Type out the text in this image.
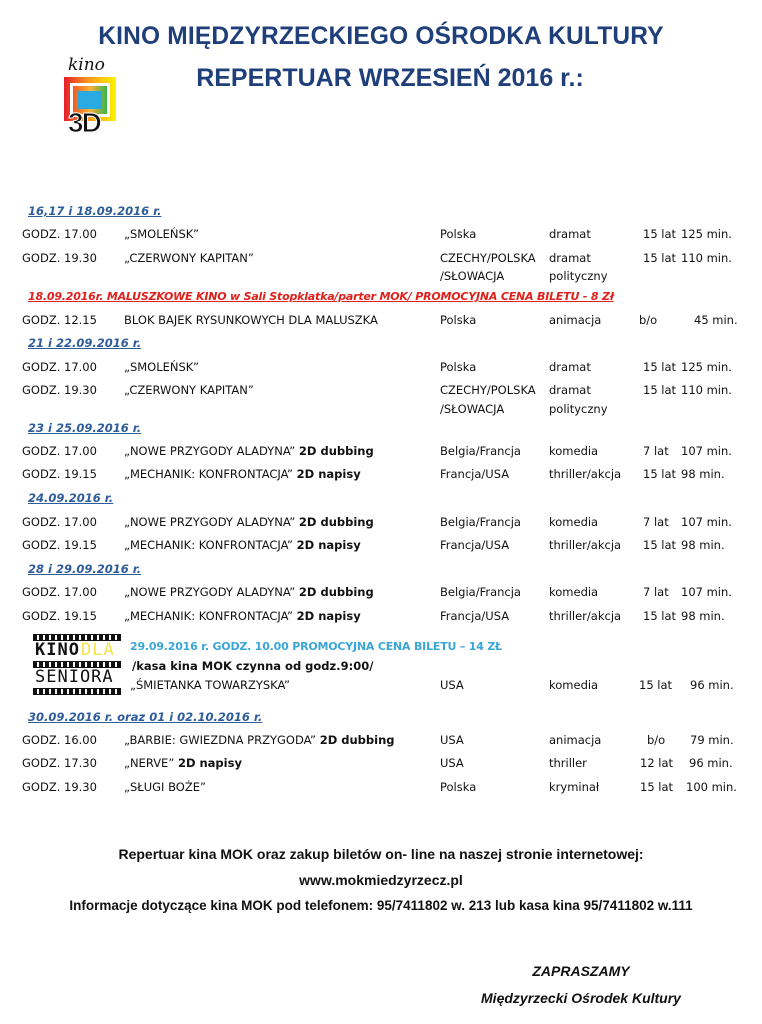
KINO MIĘDZYRZECKIEGO OŚRODKA KULTURY
REPERTUAR WRZESIEŃ 2016 r.:
kino
3D
16,17 i 18.09.2016 r.
GODZ. 17.00 „SMOLEŃSK”	Polska	dramat	15 lat 125 min.
GODZ. 19.30 „CZERWONY KAPITAN”	CZECHY/POLSKA dramat	15 lat 110 min.
/SŁOWACJA	polityczny
18.09.2016r. MALUSZKOWE KINO w Sali Stopklatka/parter MOK/ PROMOCYJNA CENA BILETU - 8 Zł
GODZ. 12.15 BLOK BAJEK RYSUNKOWYCH DLA MALUSZKA	Polska	animacja	b/o	45 min.
21 i 22.09.2016 r.
GODZ. 17.00 „SMOLEŃSK”	Polska	dramat	15 lat 125 min.
GODZ. 19.30 „CZERWONY KAPITAN”	CZECHY/POLSKA dramat	15 lat 110 min.
/SŁOWACJA	polityczny
23 i 25.09.2016 r.
GODZ. 17.00 „NOWE PRZYGODY ALADYNA” 2D dubbing	Belgia/Francja komedia	7 lat 107 min.
GODZ. 19.15 „MECHANIK: KONFRONTACJA” 2D napisy	Francja/USA	thriller/akcja 15 lat 98 min.
24.09.2016 r.
GODZ. 17.00 „NOWE PRZYGODY ALADYNA” 2D dubbing	Belgia/Francja komedia	7 lat 107 min.
GODZ. 19.15 „MECHANIK: KONFRONTACJA” 2D napisy	Francja/USA	thriller/akcja 15 lat 98 min.
28 i 29.09.2016 r.
GODZ. 17.00 „NOWE PRZYGODY ALADYNA” 2D dubbing	Belgia/Francja komedia	7 lat 107 min.
GODZ. 19.15 „MECHANIK: KONFRONTACJA” 2D napisy	Francja/USA	thriller/akcja 15 lat 98 min.
KINO DLA
SENIORA
29.09.2016 r. GODZ. 10.00 PROMOCYJNA CENA BILETU – 14 ZŁ
/kasa kina MOK czynna od godz.9:00/
„ŚMIETANKA TOWARZYSKA”	USA	komedia	15 lat 96 min.
30.09.2016 r. oraz 01 i 02.10.2016 r.
GODZ. 16.00 „BARBIE: GWIEZDNA PRZYGODA” 2D dubbing	USA	animacja	b/o 79 min.
GODZ. 17.30 „NERVE” 2D napisy	USA	thriller	12 lat 96 min.
GODZ. 19.30 „SŁUGI BOŻE”	Polska	kryminał	15 lat 100 min.
Repertuar kina MOK oraz zakup biletów on- line na naszej stronie internetowej:
www.mokmiedzyrzecz.pl
Informacje dotyczące kina MOK pod telefonem: 95/7411802 w. 213 lub kasa kina 95/7411802 w.111
ZAPRASZAMY
Międzyrzecki Ośrodek Kultury
